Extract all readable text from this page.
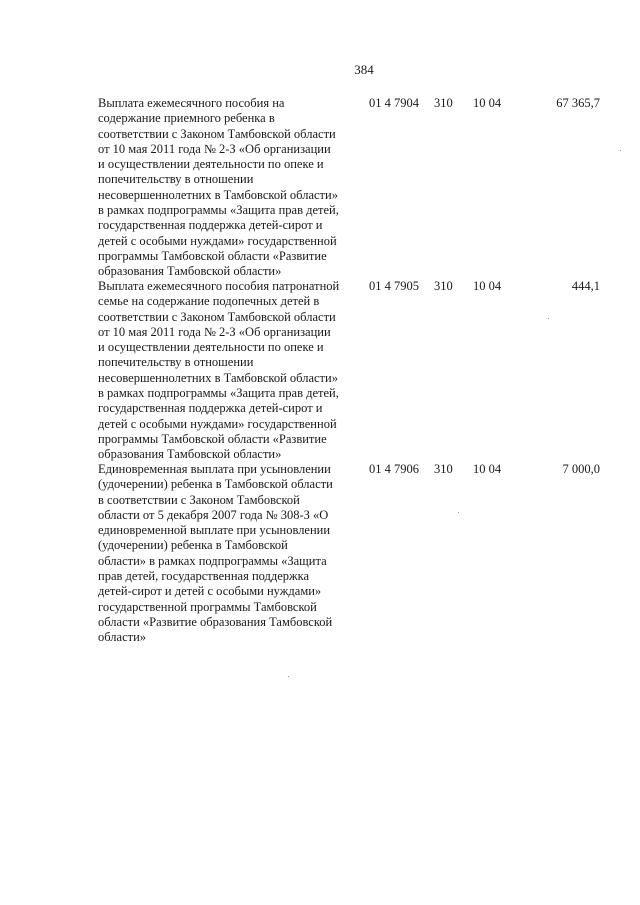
384
Выплата ежемесячного пособия на
содержание приемного ребенка в
соответствии с Законом Тамбовской области
от 10 мая 2011 года № 2-З «Об организации
и осуществлении деятельности по опеке и
попечительству в отношении
несовершеннолетних в Тамбовской области»
в рамках подпрограммы «Защита прав детей,
государственная поддержка детей-сирот и
детей с особыми нуждами» государственной
программы Тамбовской области «Развитие
образования Тамбовской области»
01 4 7904 310 10 04	67 365,7
Выплата ежемесячного пособия патронатной
семье на содержание подопечных детей в
соответствии с Законом Тамбовской области
от 10 мая 2011 года № 2-З «Об организации
и осуществлении деятельности по опеке и
попечительству в отношении
несовершеннолетних в Тамбовской области»
в рамках подпрограммы «Защита прав детей,
государственная поддержка детей-сирот и
детей с особыми нуждами» государственной
программы Тамбовской области «Развитие
образования Тамбовской области»
01 4 7905 310 10 04	444,1
Единовременная выплата при усыновлении
(удочерении) ребенка в Тамбовской области
в соответствии с Законом Тамбовской
области от 5 декабря 2007 года № 308-З «О
единовременной выплате при усыновлении
(удочерении) ребенка в Тамбовской
области» в рамках подпрограммы «Защита
прав детей, государственная поддержка
детей-сирот и детей с особыми нуждами»
государственной программы Тамбовской
области «Развитие образования Тамбовской
области»
01 4 7906 310 10 04	7 000,0
